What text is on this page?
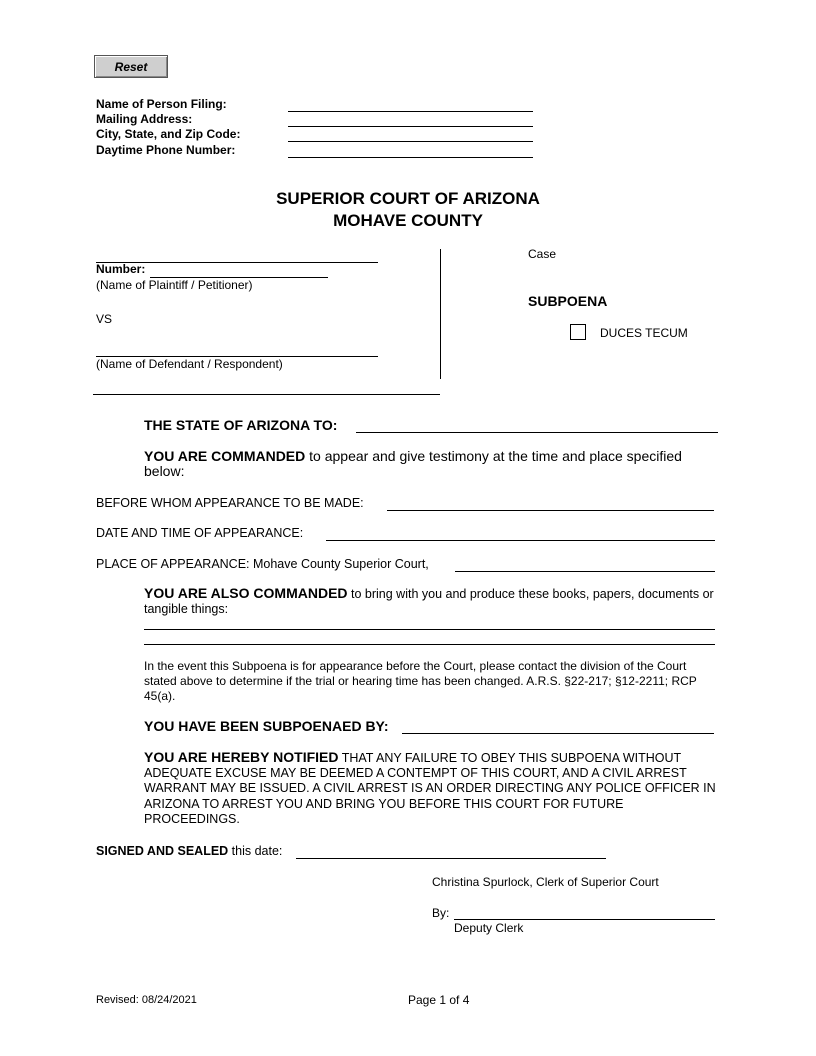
Reset
Name of Person Filing:
Mailing Address:
City, State, and Zip Code:
Daytime Phone Number:
SUPERIOR COURT OF ARIZONA
MOHAVE COUNTY
Number:
(Name of Plaintiff / Petitioner)
VS
(Name of Defendant / Respondent)
Case
SUBPOENA
DUCES TECUM
THE STATE OF ARIZONA TO:
YOU ARE COMMANDED to appear and give testimony at the time and place specified below:
BEFORE WHOM APPEARANCE TO BE MADE:
DATE AND TIME OF APPEARANCE:
PLACE OF APPEARANCE: Mohave County Superior Court,
YOU ARE ALSO COMMANDED to bring with you and produce these books, papers, documents or tangible things:
In the event this Subpoena is for appearance before the Court, please contact the division of the Court stated above to determine if the trial or hearing time has been changed. A.R.S. §22-217; §12-2211; RCP 45(a).
YOU HAVE BEEN SUBPOENAED BY:
YOU ARE HEREBY NOTIFIED THAT ANY FAILURE TO OBEY THIS SUBPOENA WITHOUT ADEQUATE EXCUSE MAY BE DEEMED A CONTEMPT OF THIS COURT, AND A CIVIL ARREST WARRANT MAY BE ISSUED. A CIVIL ARREST IS AN ORDER DIRECTING ANY POLICE OFFICER IN ARIZONA TO ARREST YOU AND BRING YOU BEFORE THIS COURT FOR FUTURE PROCEEDINGS.
SIGNED AND SEALED this date:
Christina Spurlock, Clerk of Superior Court
By:
Deputy Clerk
Revised: 08/24/2021	Page 1 of 4
